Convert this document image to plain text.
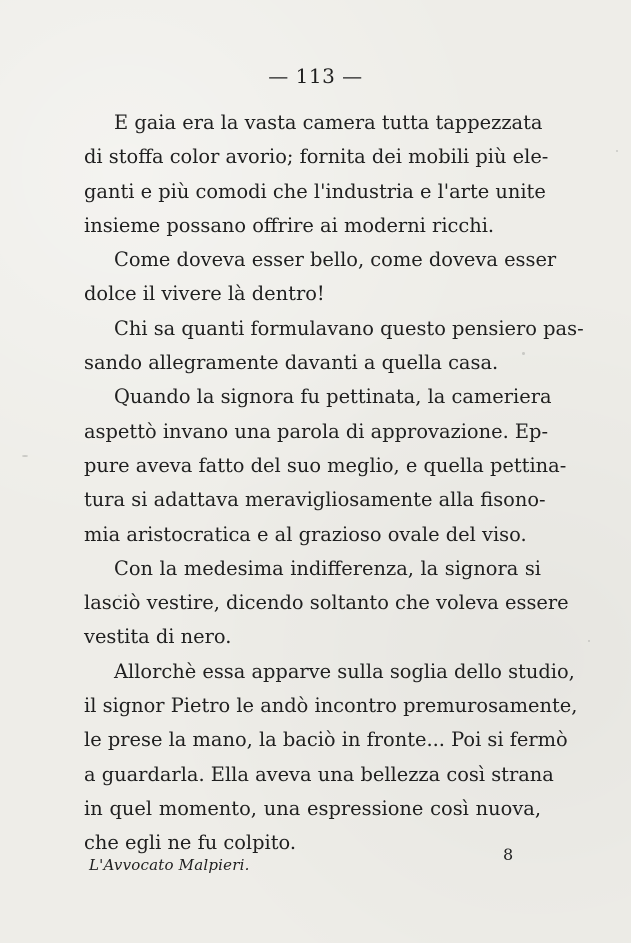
— 113 —
E gaia era la vasta camera tutta tappezzata
di stoffa color avorio; fornita dei mobili più ele-
ganti e più comodi che l'industria e l'arte unite
insieme possano offrire ai moderni ricchi.
Come doveva esser bello, come doveva esser
dolce il vivere là dentro!
Chi sa quanti formulavano questo pensiero pas-
sando allegramente davanti a quella casa.
Quando la signora fu pettinata, la cameriera
aspettò invano una parola di approvazione. Ep-
pure aveva fatto del suo meglio, e quella pettina-
tura si adattava meravigliosamente alla fisono-
mia aristocratica e al grazioso ovale del viso.
Con la medesima indifferenza, la signora si
lasciò vestire, dicendo soltanto che voleva essere
vestita di nero.
Allorchè essa apparve sulla soglia dello studio,
il signor Pietro le andò incontro premurosamente,
le prese la mano, la baciò in fronte... Poi si fermò
a guardarla. Ella aveva una bellezza così strana
in quel momento, una espressione così nuova,
che egli ne fu colpito.
L'Avvocato Malpieri.
8
